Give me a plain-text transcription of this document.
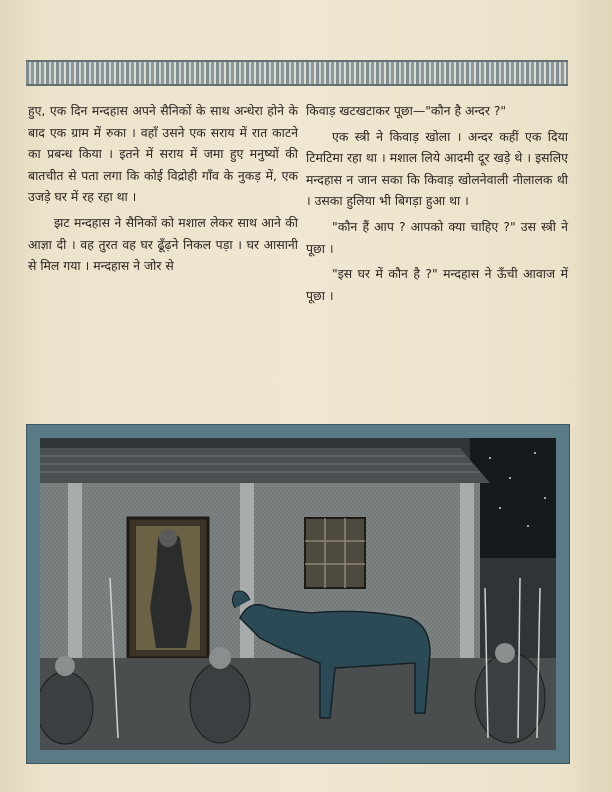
हुए, एक दिन मन्दहास अपने सैनिकों के साथ अन्धेरा होने के बाद एक ग्राम में रुका । वहाँ उसने एक सराय में रात काटने का प्रबन्ध किया । इतने में सराय में जमा हुए मनुष्यों की बातचीत से पता लगा कि कोई विद्रोही गाँव के नुकड़ में, एक उजड़े घर में रह रहा था ।

झट मन्दहास ने सैनिकों को मशाल लेकर साथ आने की आज्ञा दी । वह तुरत वह घर ढूँढ़ने निकल पड़ा । घर आसानी से मिल गया । मन्दहास ने जोर से

किवाड़ खटखटाकर पूछा—"कौन है अन्दर ?"

एक स्त्री ने किवाड़ खोला । अन्दर कहीं एक दिया टिमटिमा रहा था । मशाल लिये आदमी दूर खड़े थे । इसलिए मन्दहास न जान सका कि किवाड़ खोलनेवाली नीलालक थी । उसका हुलिया भी बिगड़ा हुआ था ।

"कौन हैं आप ? आपको क्या चाहिए ?" उस स्त्री ने पूछा ।

"इस घर में कौन है ?" मन्दहास ने ऊँची आवाज में पूछा ।
